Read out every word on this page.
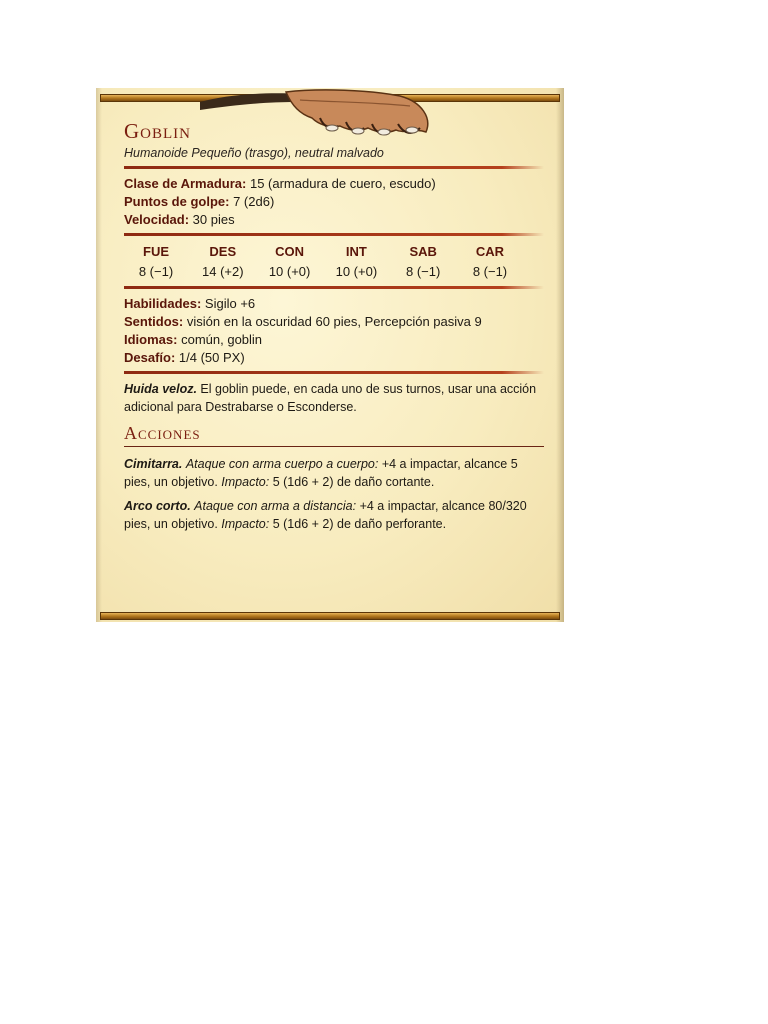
Goblin

Humanoide Pequeño (trasgo), neutral malvado

Clase de Armadura: 15 (armadura de cuero, escudo)

Puntos de golpe: 7 (2d6)

Velocidad: 30 pies

FUE
8 (−1)
DES
14 (+2)
CON
10 (+0)
INT
10 (+0)
SAB
8 (−1)
CAR
8 (−1)

Habilidades: Sigilo +6

Sentidos: visión en la oscuridad 60 pies, Percepción pasiva 9

Idiomas: común, goblin

Desafío: 1/4 (50 PX)

Huida veloz. El goblin puede, en cada uno de sus turnos, usar una acción adicional para Destrabarse o Esconderse.

Acciones

Cimitarra. Ataque con arma cuerpo a cuerpo: +4 a impactar, alcance 5 pies, un objetivo. Impacto: 5 (1d6 + 2) de daño cortante.

Arco corto. Ataque con arma a distancia: +4 a impactar, alcance 80/320 pies, un objetivo. Impacto: 5 (1d6 + 2) de daño perforante.
